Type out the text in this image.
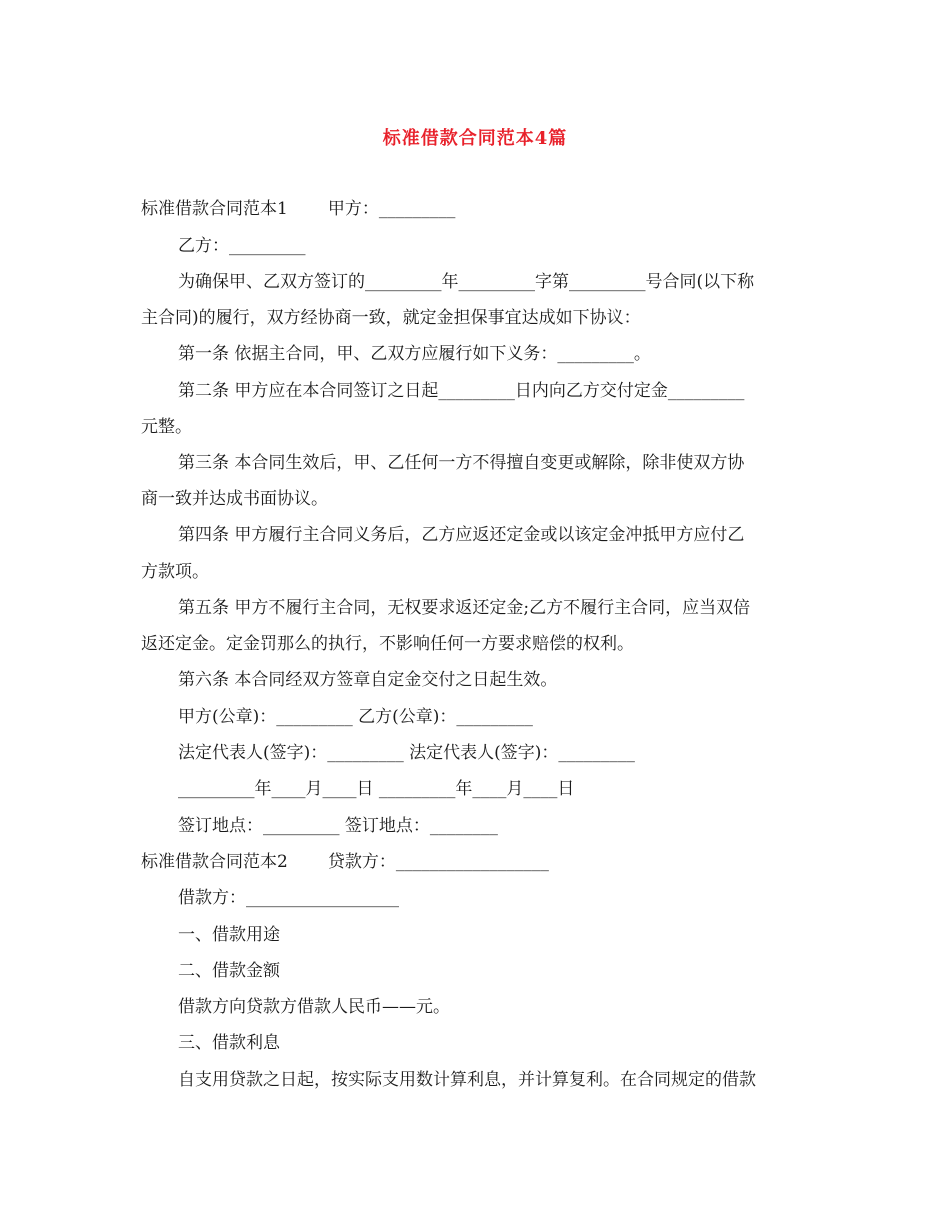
标准借款合同范本4篇
标准借款合同范本1 甲方：_________
乙方：_________
为确保甲、乙双方签订的_________年_________字第_________号合同(以下称
主合同)的履行，双方经协商一致，就定金担保事宜达成如下协议：
第一条 依据主合同，甲、乙双方应履行如下义务：_________。
第二条 甲方应在本合同签订之日起_________日内向乙方交付定金_________
元整。
第三条 本合同生效后，甲、乙任何一方不得擅自变更或解除，除非使双方协
商一致并达成书面协议。
第四条 甲方履行主合同义务后，乙方应返还定金或以该定金冲抵甲方应付乙
方款项。
第五条 甲方不履行主合同，无权要求返还定金;乙方不履行主合同，应当双倍
返还定金。定金罚那么的执行，不影响任何一方要求赔偿的权利。
第六条 本合同经双方签章自定金交付之日起生效。
甲方(公章)：_________ 乙方(公章)：_________
法定代表人(签字)：_________ 法定代表人(签字)：_________
_________年____月____日 _________年____月____日
签订地点：_________ 签订地点：________
标准借款合同范本2 贷款方：__________________
借款方：__________________
一、借款用途
二、借款金额
借款方向贷款方借款人民币——元。
三、借款利息
自支用贷款之日起，按实际支用数计算利息，并计算复利。在合同规定的借款
